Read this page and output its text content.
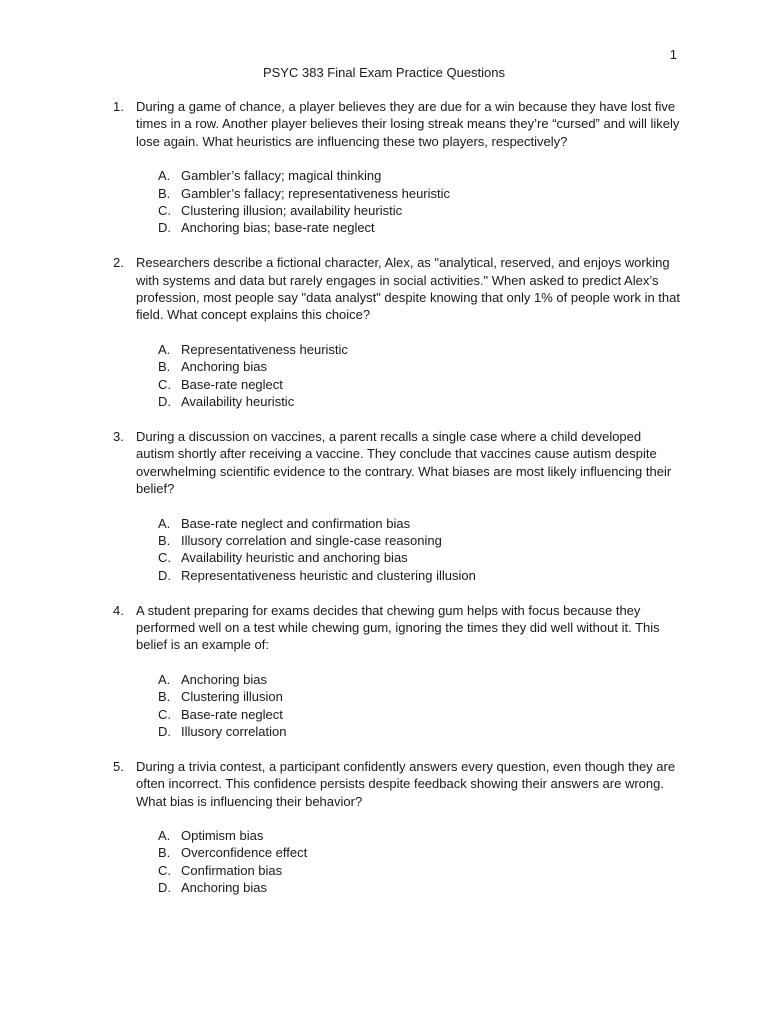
1
PSYC 383 Final Exam Practice Questions
1. During a game of chance, a player believes they are due for a win because they have lost five times in a row. Another player believes their losing streak means they’re “cursed” and will likely lose again. What heuristics are influencing these two players, respectively?
A. Gambler’s fallacy; magical thinking
B. Gambler’s fallacy; representativeness heuristic
C. Clustering illusion; availability heuristic
D. Anchoring bias; base-rate neglect
2. Researchers describe a fictional character, Alex, as "analytical, reserved, and enjoys working with systems and data but rarely engages in social activities." When asked to predict Alex’s profession, most people say "data analyst" despite knowing that only 1% of people work in that field. What concept explains this choice?
A. Representativeness heuristic
B. Anchoring bias
C. Base-rate neglect
D. Availability heuristic
3. During a discussion on vaccines, a parent recalls a single case where a child developed autism shortly after receiving a vaccine. They conclude that vaccines cause autism despite overwhelming scientific evidence to the contrary. What biases are most likely influencing their belief?
A. Base-rate neglect and confirmation bias
B. Illusory correlation and single-case reasoning
C. Availability heuristic and anchoring bias
D. Representativeness heuristic and clustering illusion
4. A student preparing for exams decides that chewing gum helps with focus because they performed well on a test while chewing gum, ignoring the times they did well without it. This belief is an example of:
A. Anchoring bias
B. Clustering illusion
C. Base-rate neglect
D. Illusory correlation
5. During a trivia contest, a participant confidently answers every question, even though they are often incorrect. This confidence persists despite feedback showing their answers are wrong. What bias is influencing their behavior?
A. Optimism bias
B. Overconfidence effect
C. Confirmation bias
D. Anchoring bias
